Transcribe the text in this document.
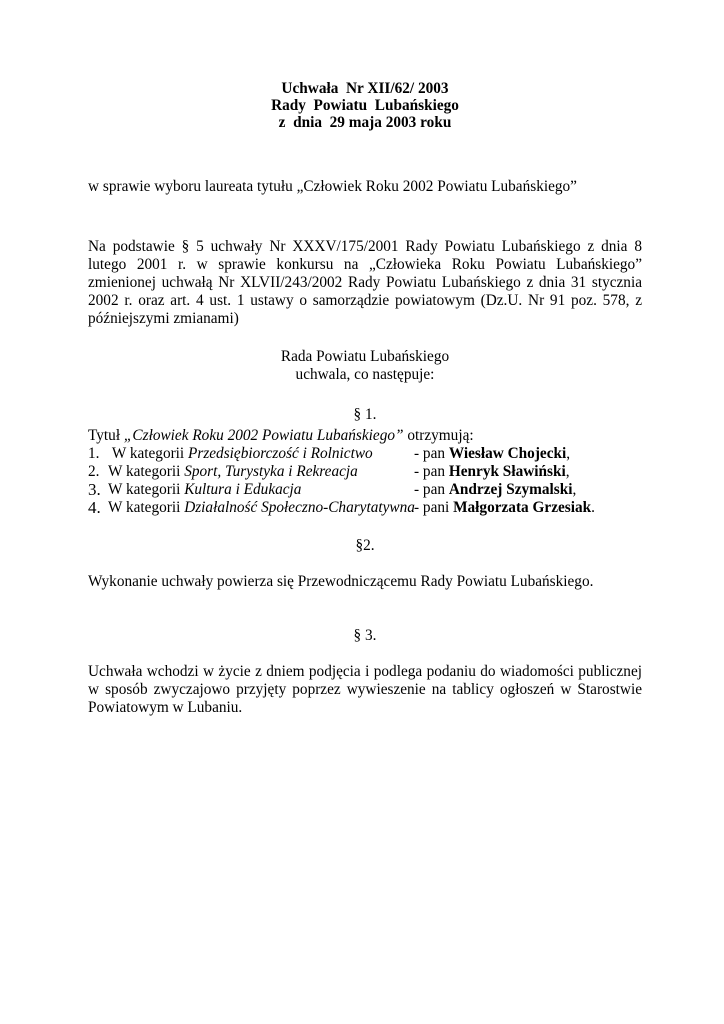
Uchwała  Nr XII/62/ 2003
Rady  Powiatu  Lubańskiego
z  dnia  29 maja 2003 roku
w sprawie wyboru laureata tytułu „Człowiek Roku 2002 Powiatu Lubańskiego”
Na podstawie § 5 uchwały Nr XXXV/175/2001 Rady Powiatu Lubańskiego z dnia 8 lutego 2001 r. w sprawie konkursu na „Człowieka Roku Powiatu Lubańskiego” zmienionej uchwałą Nr XLVII/243/2002 Rady Powiatu Lubańskiego z dnia 31 stycznia 2002 r. oraz art. 4 ust. 1 ustawy o samorządzie powiatowym (Dz.U. Nr 91 poz. 578, z późniejszymi zmianami)
Rada Powiatu Lubańskiego
uchwala, co następuje:
§ 1.
Tytuł „Człowiek Roku 2002 Powiatu Lubańskiego” otrzymują:
1. W kategorii Przedsiębiorczość i Rolnictwo	- pan Wiesław Chojecki,
2. W kategorii Sport, Turystyka i Rekreacja	- pan Henryk Sławiński,
3. W kategorii Kultura i Edukacja	- pan Andrzej Szymalski,
4. W kategorii Działalność Społeczno-Charytatywna - pani Małgorzata Grzesiak.
§2.
Wykonanie uchwały powierza się Przewodniczącemu Rady Powiatu Lubańskiego.
§ 3.
Uchwała wchodzi w życie z dniem podjęcia i podlega podaniu do wiadomości publicznej w sposób zwyczajowo przyjęty poprzez wywieszenie na tablicy ogłoszeń w Starostwie Powiatowym w Lubaniu.
